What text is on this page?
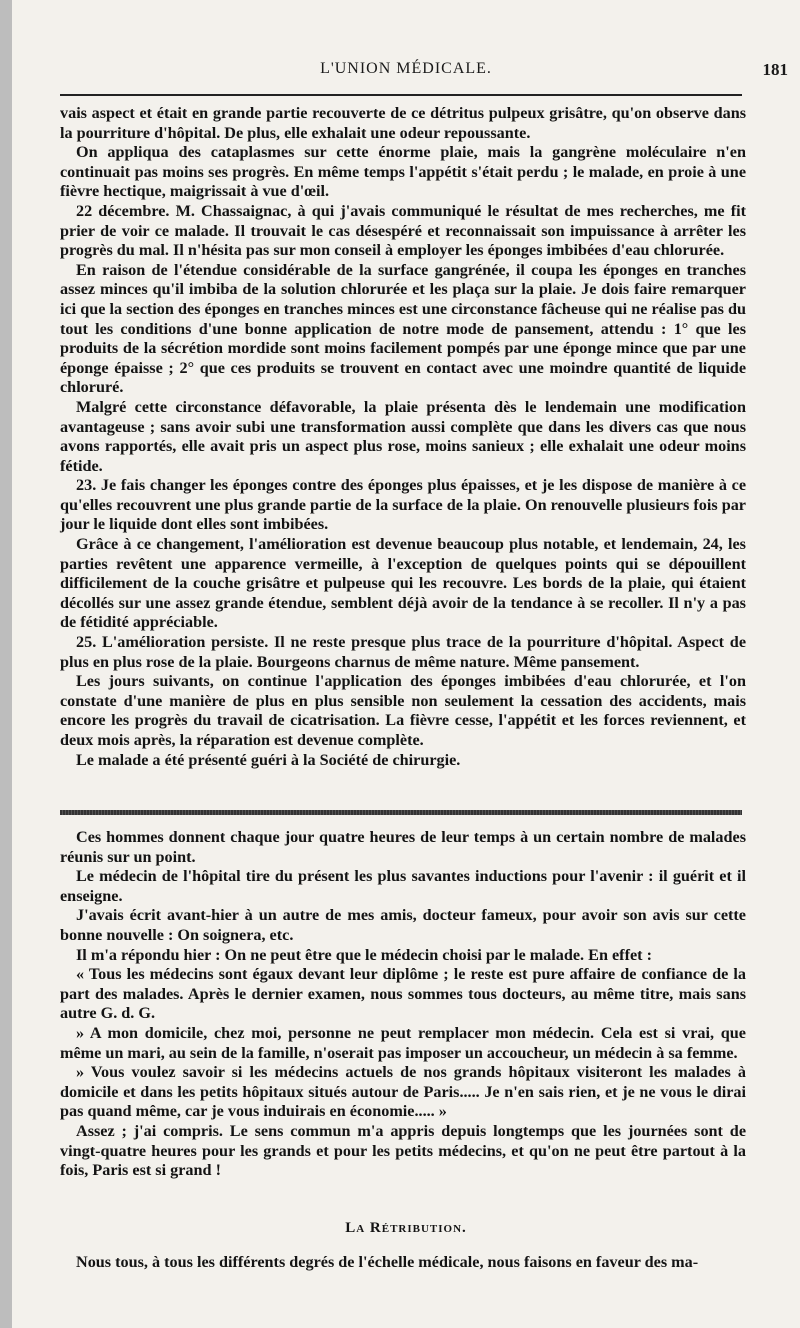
L'UNION MÉDICALE.	181

vais aspect et était en grande partie recouverte de ce détritus pulpeux grisâtre, qu'on observe dans la pourriture d'hôpital. De plus, elle exhalait une odeur repoussante.

On appliqua des cataplasmes sur cette énorme plaie, mais la gangrène moléculaire n'en continuait pas moins ses progrès. En même temps l'appétit s'était perdu ; le malade, en proie à une fièvre hectique, maigrissait à vue d'œil.

22 décembre. M. Chassaignac, à qui j'avais communiqué le résultat de mes recherches, me fit prier de voir ce malade. Il trouvait le cas désespéré et reconnaissait son impuissance à arrêter les progrès du mal. Il n'hésita pas sur mon conseil à employer les éponges imbibées d'eau chlorurée.

En raison de l'étendue considérable de la surface gangrénée, il coupa les éponges en tranches assez minces qu'il imbiba de la solution chlorurée et les plaça sur la plaie. Je dois faire remarquer ici que la section des éponges en tranches minces est une circonstance fâcheuse qui ne réalise pas du tout les conditions d'une bonne application de notre mode de pansement, attendu : 1° que les produits de la sécrétion mordide sont moins facilement pompés par une éponge mince que par une éponge épaisse ; 2° que ces produits se trouvent en contact avec une moindre quantité de liquide chloruré.

Malgré cette circonstance défavorable, la plaie présenta dès le lendemain une modification avantageuse ; sans avoir subi une transformation aussi complète que dans les divers cas que nous avons rapportés, elle avait pris un aspect plus rose, moins sanieux ; elle exhalait une odeur moins fétide.

23. Je fais changer les éponges contre des éponges plus épaisses, et je les dispose de manière à ce qu'elles recouvrent une plus grande partie de la surface de la plaie. On renouvelle plusieurs fois par jour le liquide dont elles sont imbibées.

Grâce à ce changement, l'amélioration est devenue beaucoup plus notable, et lendemain, 24, les parties revêtent une apparence vermeille, à l'exception de quelques points qui se dépouillent difficilement de la couche grisâtre et pulpeuse qui les recouvre. Les bords de la plaie, qui étaient décollés sur une assez grande étendue, semblent déjà avoir de la tendance à se recoller. Il n'y a pas de fétidité appréciable.

25. L'amélioration persiste. Il ne reste presque plus trace de la pourriture d'hôpital. Aspect de plus en plus rose de la plaie. Bourgeons charnus de même nature. Même pansement.

Les jours suivants, on continue l'application des éponges imbibées d'eau chlorurée, et l'on constate d'une manière de plus en plus sensible non seulement la cessation des accidents, mais encore les progrès du travail de cicatrisation. La fièvre cesse, l'appétit et les forces reviennent, et deux mois après, la réparation est devenue complète.

Le malade a été présenté guéri à la Société de chirurgie.

Ces hommes donnent chaque jour quatre heures de leur temps à un certain nombre de malades réunis sur un point.

Le médecin de l'hôpital tire du présent les plus savantes inductions pour l'avenir : il guérit et il enseigne.

J'avais écrit avant-hier à un autre de mes amis, docteur fameux, pour avoir son avis sur cette bonne nouvelle : On soignera, etc.

Il m'a répondu hier : On ne peut être que le médecin choisi par le malade. En effet :

« Tous les médecins sont égaux devant leur diplôme ; le reste est pure affaire de confiance de la part des malades. Après le dernier examen, nous sommes tous docteurs, au même titre, mais sans autre G. d. G.

» A mon domicile, chez moi, personne ne peut remplacer mon médecin. Cela est si vrai, que même un mari, au sein de la famille, n'oserait pas imposer un accoucheur, un médecin à sa femme.

» Vous voulez savoir si les médecins actuels de nos grands hôpitaux visiteront les malades à domicile et dans les petits hôpitaux situés autour de Paris..... Je n'en sais rien, et je ne vous le dirai pas quand même, car je vous induirais en économie..... »

Assez ; j'ai compris. Le sens commun m'a appris depuis longtemps que les journées sont de vingt-quatre heures pour les grands et pour les petits médecins, et qu'on ne peut être partout à la fois, Paris est si grand !

La Rétribution.
Nous tous, à tous les différents degrés de l'échelle médicale, nous faisons en faveur des ma-
